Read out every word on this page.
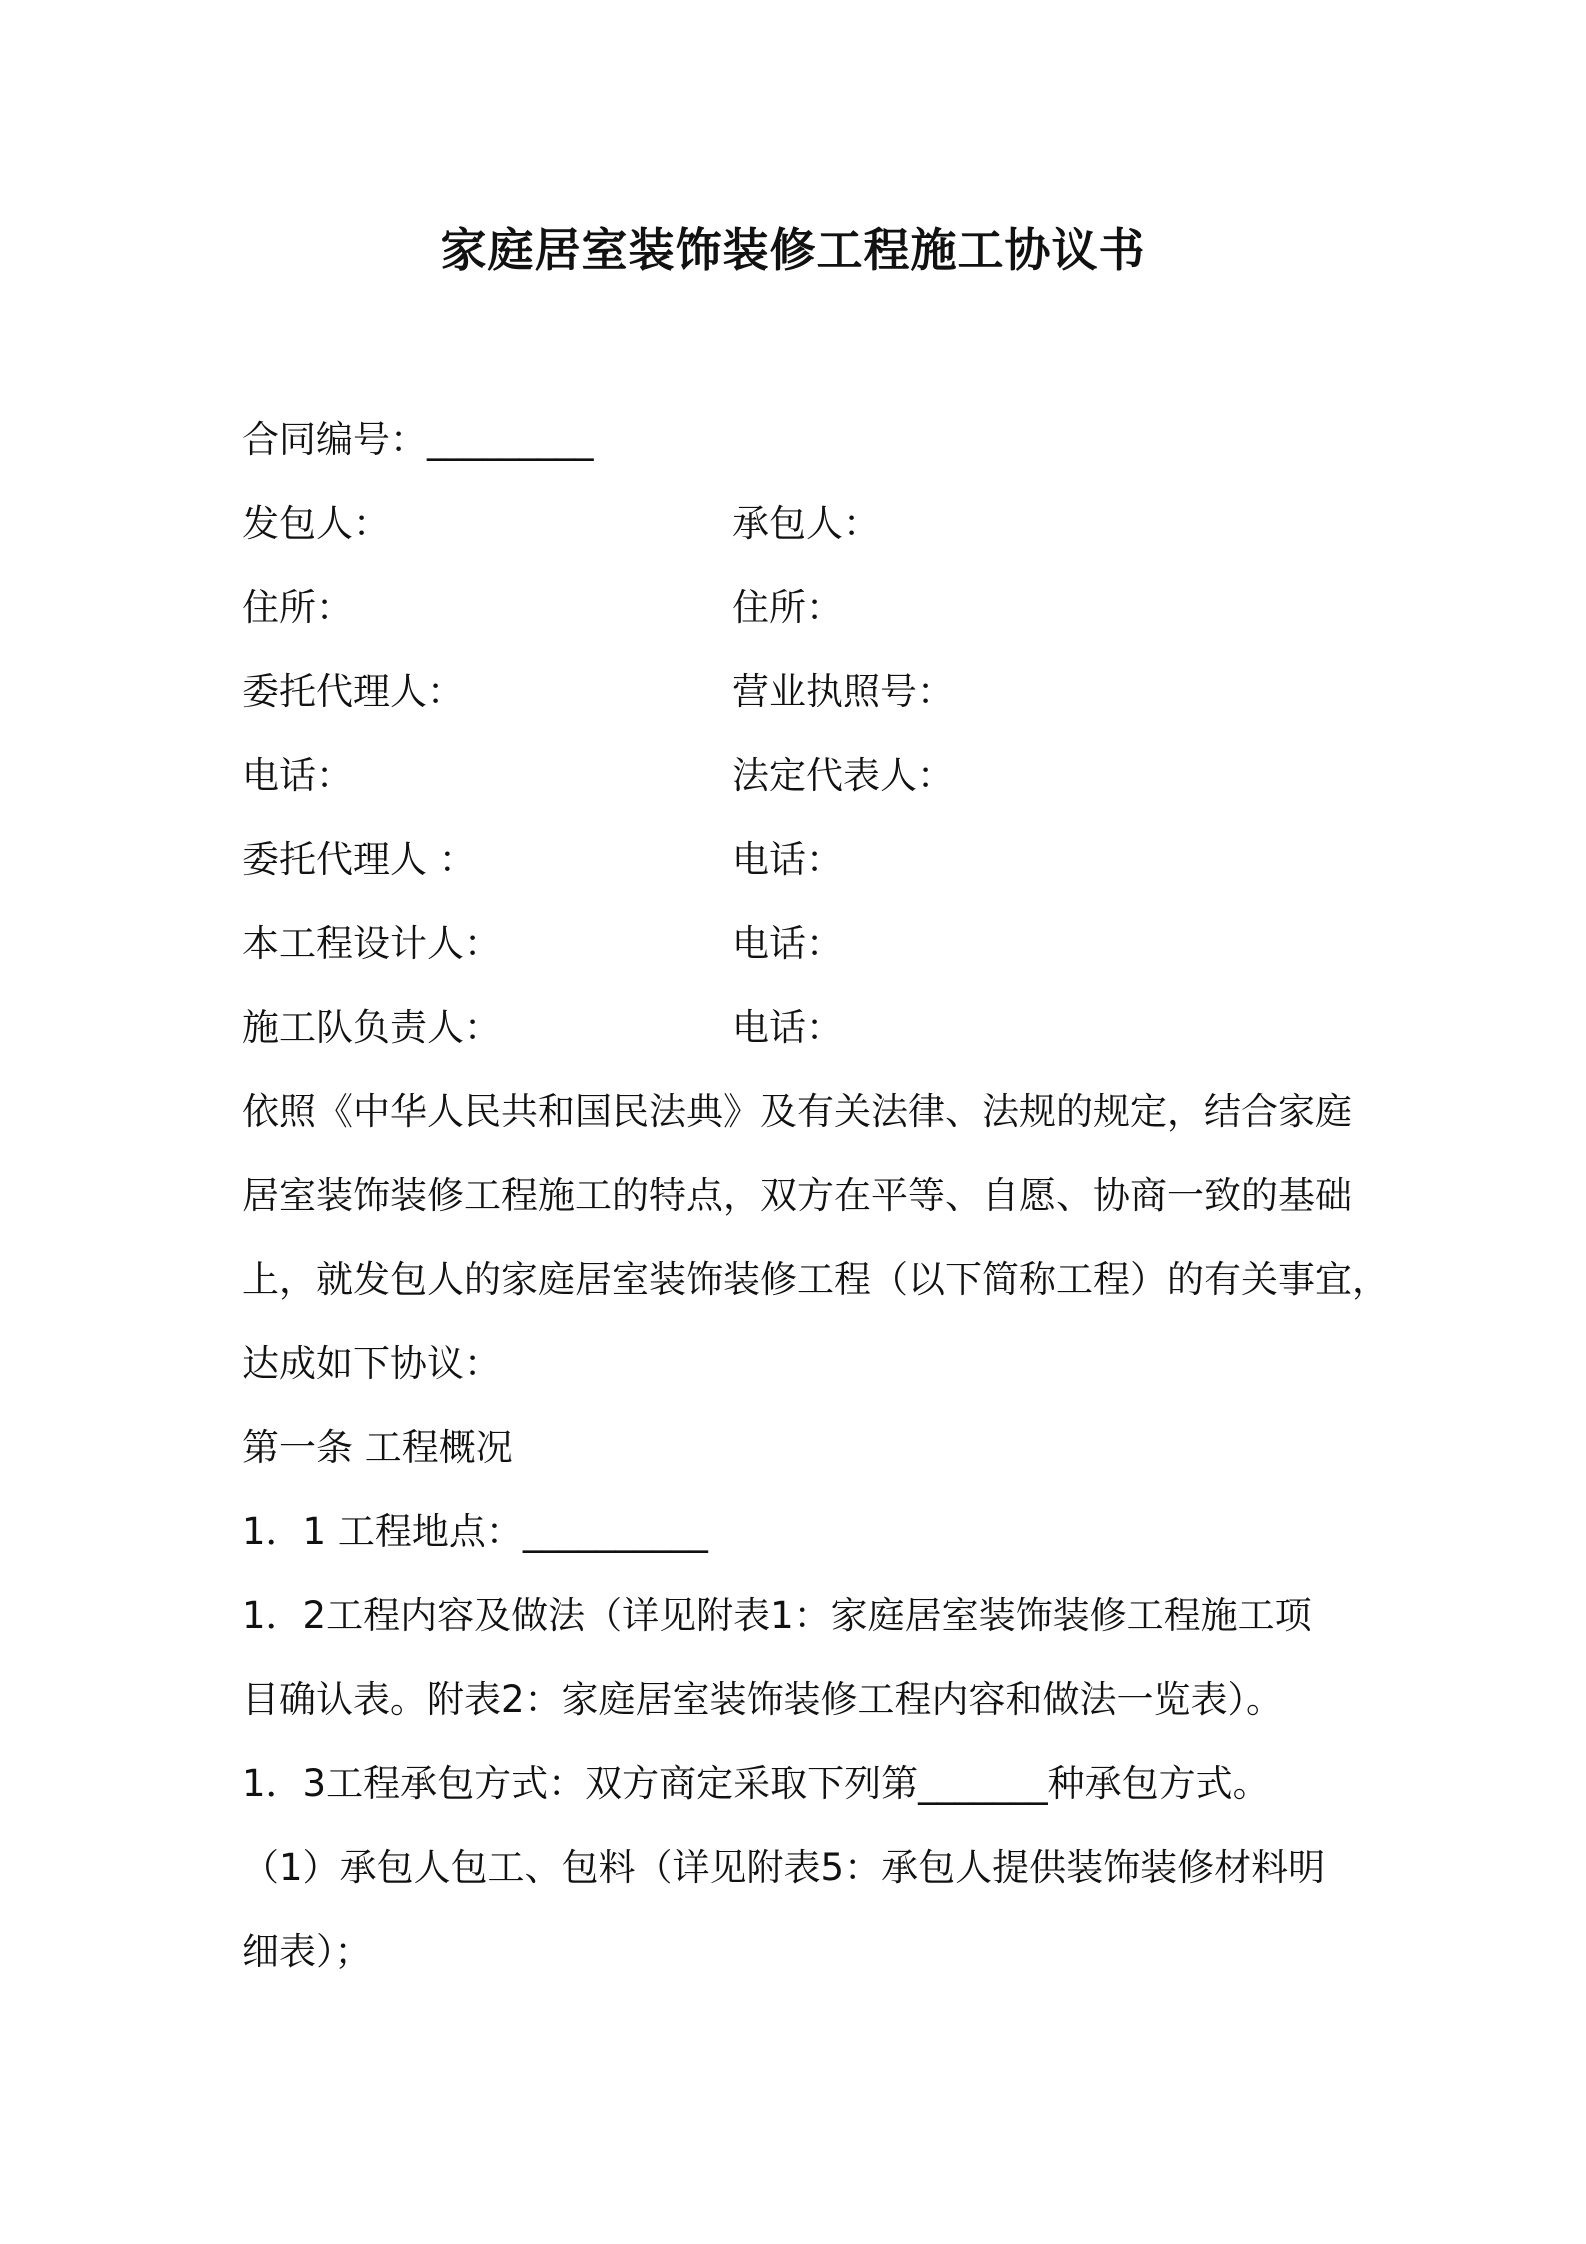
家庭居室装饰装修工程施工协议书
合同编号：_________
发包人：	承包人：
住所：	住所：
委托代理人：	营业执照号：
电话：	法定代表人：
委托代理人 ：	电话：
本工程设计人：	电话：
施工队负责人：	电话：
依照《中华人民共和国民法典》及有关法律、法规的规定，结合家庭
居室装饰装修工程施工的特点，双方在平等、自愿、协商一致的基础
上，就发包人的家庭居室装饰装修工程（以下简称工程）的有关事宜，
达成如下协议：
第一条 工程概况
1．1 工程地点：__________
1．2工程内容及做法（详见附表1：家庭居室装饰装修工程施工项
目确认表。附表2：家庭居室装饰装修工程内容和做法一览表）。
1．3工程承包方式：双方商定采取下列第_______种承包方式。
（1）承包人包工、包料（详见附表5：承包人提供装饰装修材料明
细表）；
